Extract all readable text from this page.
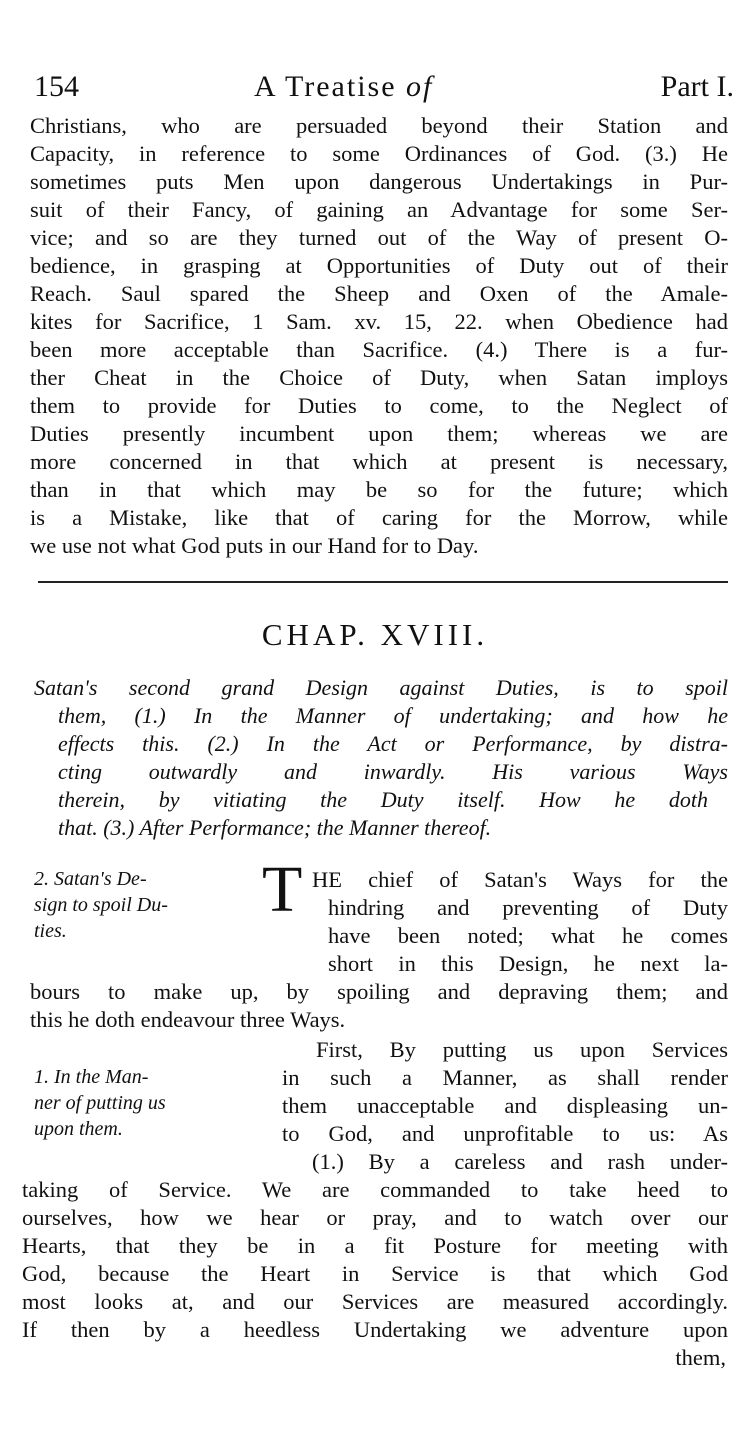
154	A Treatise of	Part I.
Christians, who are persuaded beyond their Station and
Capacity, in reference to some Ordinances of God. (3.) He
sometimes puts Men upon dangerous Undertakings in Pur-
suit of their Fancy, of gaining an Advantage for some Ser-
vice; and so are they turned out of the Way of present O-
bedience, in grasping at Opportunities of Duty out of their
Reach. Saul spared the Sheep and Oxen of the Amale-
kites for Sacrifice, 1 Sam. xv. 15, 22. when Obedience had
been more acceptable than Sacrifice. (4.) There is a fur-
ther Cheat in the Choice of Duty, when Satan imploys
them to provide for Duties to come, to the Neglect of
Duties presently incumbent upon them; whereas we are
more concerned in that which at present is necessary,
than in that which may be so for the future; which
is a Mistake, like that of caring for the Morrow, while
we use not what God puts in our Hand for to Day.
CHAP. XVIII.
Satan's second grand Design against Duties, is to spoil
them, (1.) In the Manner of undertaking; and how he
effects this. (2.) In the Act or Performance, by distra-
cting outwardly and inwardly. His various Ways
therein, by vitiating the Duty itself. How he doth
that. (3.) After Performance; the Manner thereof.
2. Satan's De-
sign to spoil Du-
ties.
T HE chief of Satan's Ways for the
hindring and preventing of Duty
have been noted; what he comes
short in this Design, he next la-
bours to make up, by spoiling and depraving them; and
this he doth endeavour three Ways.
1. In the Man-
ner of putting us
upon them.
First, By putting us upon Services
in such a Manner, as shall render
them unacceptable and displeasing un-
to God, and unprofitable to us: As
(1.) By a careless and rash under-
taking of Service. We are commanded to take heed to
ourselves, how we hear or pray, and to watch over our
Hearts, that they be in a fit Posture for meeting with
God, because the Heart in Service is that which God
most looks at, and our Services are measured accordingly.
If then by a heedless Undertaking we adventure upon
them,
